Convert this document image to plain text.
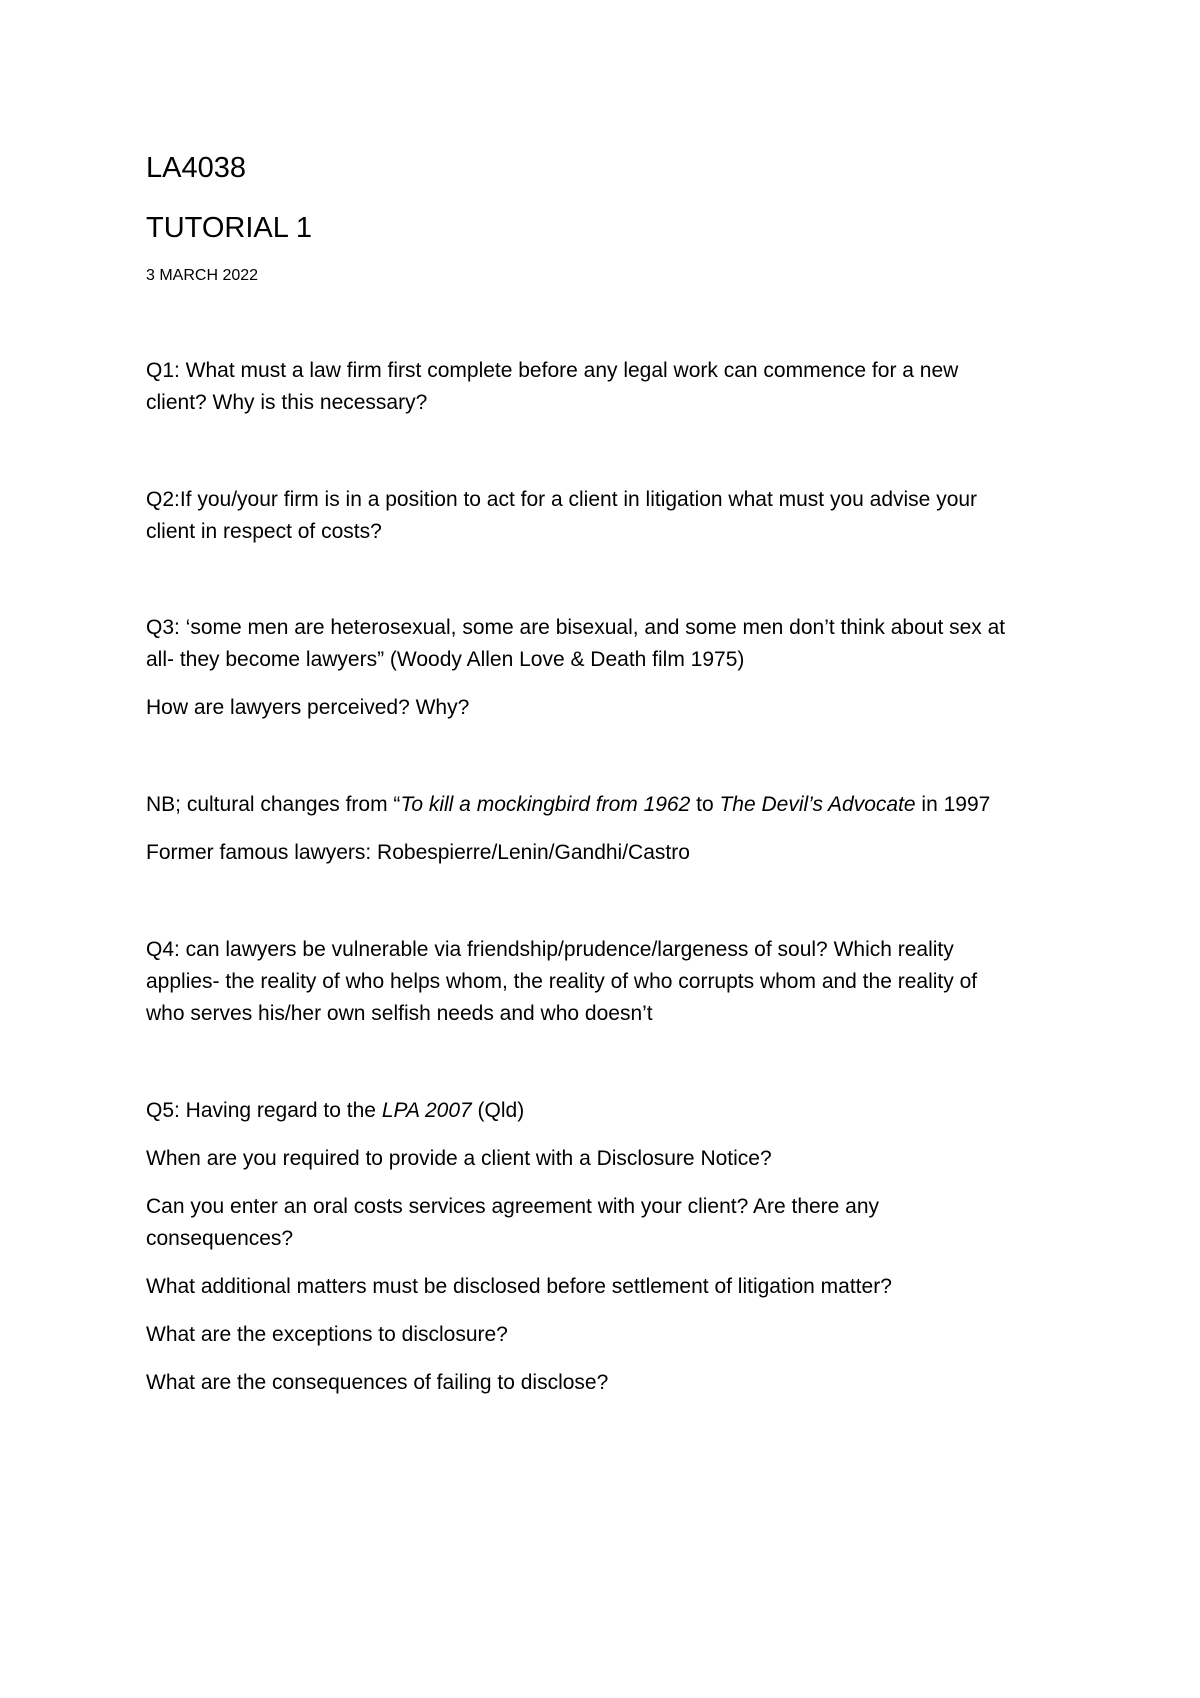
LA4038
TUTORIAL 1
3 MARCH 2022
Q1: What must a law firm first complete before any legal work can commence for a new
client? Why is this necessary?
Q2:If you/your firm is in a position to act for a client in litigation what must you advise your
client in respect of costs?
Q3: ‘some men are heterosexual, some are bisexual, and some men don’t think about sex at
all- they become lawyers” (Woody Allen Love & Death film 1975)
How are lawyers perceived? Why?
NB; cultural changes from “To kill a mockingbird from 1962 to The Devil’s Advocate in 1997
Former famous lawyers: Robespierre/Lenin/Gandhi/Castro
Q4: can lawyers be vulnerable via friendship/prudence/largeness of soul? Which reality
applies- the reality of who helps whom, the reality of who corrupts whom and the reality of
who serves his/her own selfish needs and who doesn’t
Q5: Having regard to the LPA 2007 (Qld)
When are you required to provide a client with a Disclosure Notice?
Can you enter an oral costs services agreement with your client? Are there any
consequences?
What additional matters must be disclosed before settlement of litigation matter?
What are the exceptions to disclosure?
What are the consequences of failing to disclose?
